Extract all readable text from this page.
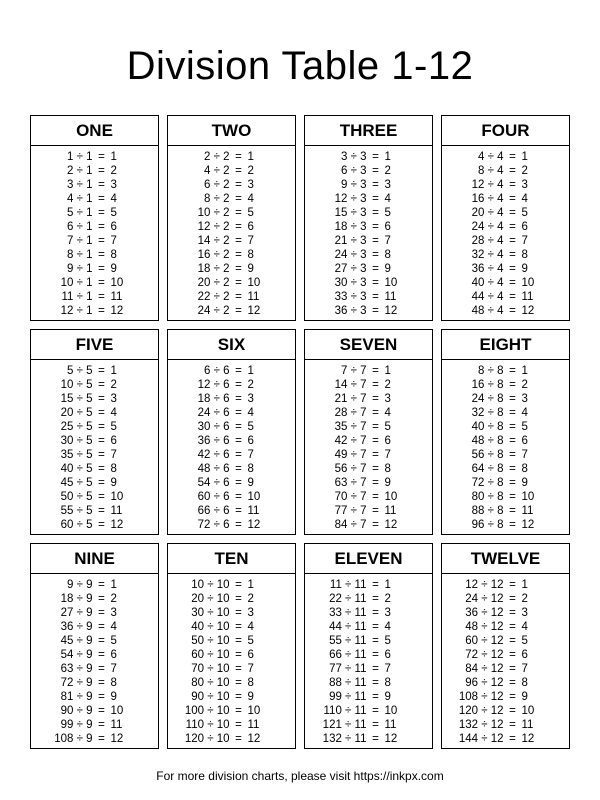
Division Table 1-12
ONE
1 ÷ 1 = 1
2 ÷ 1 = 2
3 ÷ 1 = 3
4 ÷ 1 = 4
5 ÷ 1 = 5
6 ÷ 1 = 6
7 ÷ 1 = 7
8 ÷ 1 = 8
9 ÷ 1 = 9
10 ÷ 1 = 10
11 ÷ 1 = 11
12 ÷ 1 = 12
TWO
2 ÷ 2 = 1
4 ÷ 2 = 2
6 ÷ 2 = 3
8 ÷ 2 = 4
10 ÷ 2 = 5
12 ÷ 2 = 6
14 ÷ 2 = 7
16 ÷ 2 = 8
18 ÷ 2 = 9
20 ÷ 2 = 10
22 ÷ 2 = 11
24 ÷ 2 = 12
THREE
3 ÷ 3 = 1
6 ÷ 3 = 2
9 ÷ 3 = 3
12 ÷ 3 = 4
15 ÷ 3 = 5
18 ÷ 3 = 6
21 ÷ 3 = 7
24 ÷ 3 = 8
27 ÷ 3 = 9
30 ÷ 3 = 10
33 ÷ 3 = 11
36 ÷ 3 = 12
FOUR
4 ÷ 4 = 1
8 ÷ 4 = 2
12 ÷ 4 = 3
16 ÷ 4 = 4
20 ÷ 4 = 5
24 ÷ 4 = 6
28 ÷ 4 = 7
32 ÷ 4 = 8
36 ÷ 4 = 9
40 ÷ 4 = 10
44 ÷ 4 = 11
48 ÷ 4 = 12
FIVE
5 ÷ 5 = 1
10 ÷ 5 = 2
15 ÷ 5 = 3
20 ÷ 5 = 4
25 ÷ 5 = 5
30 ÷ 5 = 6
35 ÷ 5 = 7
40 ÷ 5 = 8
45 ÷ 5 = 9
50 ÷ 5 = 10
55 ÷ 5 = 11
60 ÷ 5 = 12
SIX
6 ÷ 6 = 1
12 ÷ 6 = 2
18 ÷ 6 = 3
24 ÷ 6 = 4
30 ÷ 6 = 5
36 ÷ 6 = 6
42 ÷ 6 = 7
48 ÷ 6 = 8
54 ÷ 6 = 9
60 ÷ 6 = 10
66 ÷ 6 = 11
72 ÷ 6 = 12
SEVEN
7 ÷ 7 = 1
14 ÷ 7 = 2
21 ÷ 7 = 3
28 ÷ 7 = 4
35 ÷ 7 = 5
42 ÷ 7 = 6
49 ÷ 7 = 7
56 ÷ 7 = 8
63 ÷ 7 = 9
70 ÷ 7 = 10
77 ÷ 7 = 11
84 ÷ 7 = 12
EIGHT
8 ÷ 8 = 1
16 ÷ 8 = 2
24 ÷ 8 = 3
32 ÷ 8 = 4
40 ÷ 8 = 5
48 ÷ 8 = 6
56 ÷ 8 = 7
64 ÷ 8 = 8
72 ÷ 8 = 9
80 ÷ 8 = 10
88 ÷ 8 = 11
96 ÷ 8 = 12
NINE
9 ÷ 9 = 1
18 ÷ 9 = 2
27 ÷ 9 = 3
36 ÷ 9 = 4
45 ÷ 9 = 5
54 ÷ 9 = 6
63 ÷ 9 = 7
72 ÷ 9 = 8
81 ÷ 9 = 9
90 ÷ 9 = 10
99 ÷ 9 = 11
108 ÷ 9 = 12
TEN
10 ÷ 10 = 1
20 ÷ 10 = 2
30 ÷ 10 = 3
40 ÷ 10 = 4
50 ÷ 10 = 5
60 ÷ 10 = 6
70 ÷ 10 = 7
80 ÷ 10 = 8
90 ÷ 10 = 9
100 ÷ 10 = 10
110 ÷ 10 = 11
120 ÷ 10 = 12
ELEVEN
11 ÷ 11 = 1
22 ÷ 11 = 2
33 ÷ 11 = 3
44 ÷ 11 = 4
55 ÷ 11 = 5
66 ÷ 11 = 6
77 ÷ 11 = 7
88 ÷ 11 = 8
99 ÷ 11 = 9
110 ÷ 11 = 10
121 ÷ 11 = 11
132 ÷ 11 = 12
TWELVE
12 ÷ 12 = 1
24 ÷ 12 = 2
36 ÷ 12 = 3
48 ÷ 12 = 4
60 ÷ 12 = 5
72 ÷ 12 = 6
84 ÷ 12 = 7
96 ÷ 12 = 8
108 ÷ 12 = 9
120 ÷ 12 = 10
132 ÷ 12 = 11
144 ÷ 12 = 12
For more division charts, please visit https://inkpx.com
